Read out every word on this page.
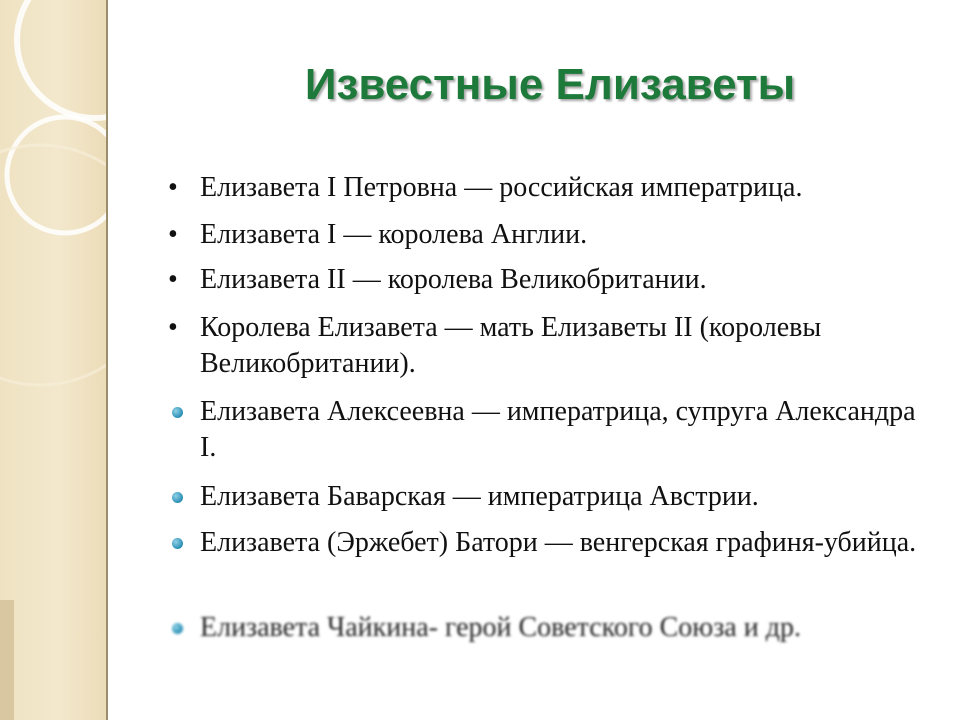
Известные Елизаветы
• Елизавета I Петровна — российская императрица.
• Елизавета I — королева Англии.
• Елизавета II — королева Великобритании.
• Королева Елизавета — мать Елизаветы II (королевы Великобритании).
Елизавета Алексеевна — императрица, супруга Александра I.
Елизавета Баварская — императрица Австрии.
Елизавета (Эржебет) Батори — венгерская графиня-убийца.
Елизавета Чайкина- герой Советского Союза и др.
